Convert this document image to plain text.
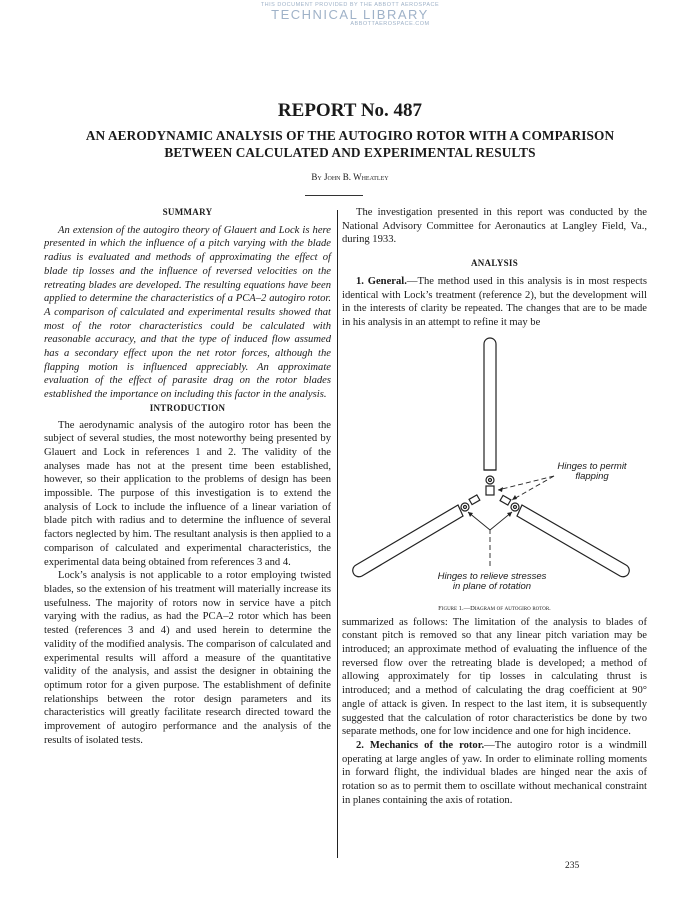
THIS DOCUMENT PROVIDED BY THE ABBOTT AEROSPACE
TECHNICAL LIBRARY
ABBOTTAEROSPACE.COM
REPORT No. 487
AN AERODYNAMIC ANALYSIS OF THE AUTOGIRO ROTOR WITH A COMPARISON
BETWEEN CALCULATED AND EXPERIMENTAL RESULTS
By John B. Wheatley
SUMMARY

An extension of the autogiro theory of Glauert and Lock is here presented in which the influence of a pitch varying with the blade radius is evaluated and methods of approximating the effect of blade tip losses and the influence of reversed velocities on the retreating blades are developed. The resulting equations have been applied to determine the characteristics of a PCA–2 autogiro rotor. A comparison of calculated and experimental results showed that most of the rotor characteristics could be calculated with reasonable accuracy, and that the type of induced flow assumed has a secondary effect upon the net rotor forces, although the flapping motion is influenced appreciably. An approximate evaluation of the effect of parasite drag on the rotor blades established the importance on including this factor in the analysis.

INTRODUCTION

The aerodynamic analysis of the autogiro rotor has been the subject of several studies, the most noteworthy being presented by Glauert and Lock in references 1 and 2. The validity of the analyses made has not at the present time been established, however, so their application to the problems of design has been impossible. The purpose of this investigation is to extend the analysis of Lock to include the influence of a linear variation of blade pitch with radius and to determine the influence of several factors neglected by him. The resultant analysis is then applied to a comparison of calculated and experimental characteristics, the experimental data being obtained from references 3 and 4.

Lock’s analysis is not applicable to a rotor employing twisted blades, so the extension of his treatment will materially increase its usefulness. The majority of rotors now in service have a pitch varying with the radius, as had the PCA–2 rotor which has been tested (references 3 and 4) and used herein to determine the validity of the modified analysis. The comparison of calculated and experimental results will afford a measure of the quantitative validity of the analysis, and assist the designer in obtaining the optimum rotor for a given purpose. The establishment of definite relationships between the rotor design parameters and its characteristics will greatly facilitate research directed toward the improvement of autogiro performance and the analysis of the results of isolated tests.

The investigation presented in this report was conducted by the National Advisory Committee for Aeronautics at Langley Field, Va., during 1933.

ANALYSIS

1. General.—The method used in this analysis is in most respects identical with Lock’s treatment (reference 2), but the development will in the interests of clarity be repeated. The changes that are to be made in his analysis in an attempt to refine it may be

Hinges to permit
flapping
Hinges to relieve stresses
in plane of rotation
Figure 1.—Diagram of autogiro rotor.

summarized as follows: The limitation of the analysis to blades of constant pitch is removed so that any linear pitch variation may be introduced; an approximate method of evaluating the influence of the reversed flow over the retreating blade is developed; a method of allowing approximately for tip losses in calculating thrust is introduced; and a method of calculating the drag coefficient at 90° angle of attack is given. In respect to the last item, it is subsequently suggested that the calculation of rotor characteristics be done by two separate methods, one for low incidence and one for high incidence.

2. Mechanics of the rotor.—The autogiro rotor is a windmill operating at large angles of yaw. In order to eliminate rolling moments in forward flight, the individual blades are hinged near the axis of rotation so as to permit them to oscillate without mechanical constraint in planes containing the axis of rotation.

235
